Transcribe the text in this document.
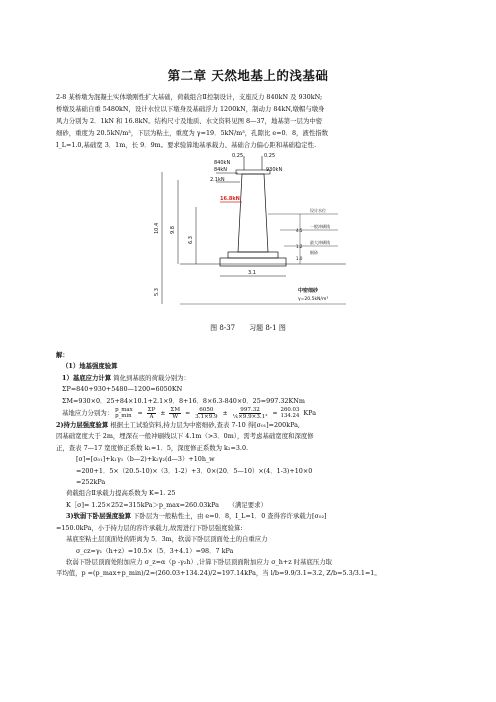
第二章 天然地基上的浅基础
2-8 某桥墩为混凝土实体墩刚性扩大基础，荷载组合Ⅱ控制设计，支座反力 840kN 及 930kN;
桥墩及基础自重 5480kN，设计水位以下墩身及基础浮力 1200kN，制动力 84kN,墩帽与墩身
风力分别为 2．1kN 和 16.8kN。结构尺寸及地质、水文资料见图 8—37，地基第一层为中密
细砂，重度为 20.5kN/m³，下层为粘土，重度为 γ=19．5kN/m³，孔隙比 e=0．8，液性指数
I_L=1.0,基础宽 3．1m，长 9．9m。要求验算地基承载力、基础合力偏心距和基础稳定性.
10.4 9.8
6.3
5.3
0.25	0.25
840kN
930kN
84kN
2.1kN
16.8kN
设计水位
一般冲刷线
最大冲刷线
细砂
4.5
1.2
1.0
3.1
中密细砂
γ=20.5kN/m³
图 8-37　　习题 8-1 图
解：
（1）地基强度验算
1）基底应力计算 简化到基底的荷载分别为：
ΣP=840+930+5480—1200=6050KN
ΣM=930×0．25+84×10.1+2.1×9．8+16．8×6.3-840×0．25=997.32KNm
基地应力分别为： p_max
p_min = $\frac{\Sigma P}{A} \pm \frac{\Sigma M}{W} = \frac{6050}{3.1\times 9.9} \pm \frac{997.32}{\text{⅙×9.9×3.1²}} = 260.03$
134.24 KPa
2)持力层强度验算 根据土工试验资料,持力层为中密细砂,查表 7-10 得[σ₀₁]=200kPa,
因基础宽度大于 2m，埋深在一般冲刷线以下 4.1m（>3．0m），需考虑基础宽度和深度修
正，查表 7—17 宽度修正系数 k₁=1．5，深度修正系数为 k₂=3.0.
[σ]=[σ₀₁]+k₁γ₁（b—2)+k₂γ₂(d—3）+10h_w
=200+1．5×（20.5-10)×（3．1-2）+3．0×(20．5—10）×(4．1-3)+10×0
=252kPa
荷载组合Ⅱ承载力提高系数为 K=1. 25
K［σ]= 1.25×252=315kPa＞p_max=260.03kPa　　（满足要求）
3)软弱下卧层强度验算 下卧层为一般粘性土，由 e=0．8，I_L=1．0 查得容许承载力[σ₀₂]
=150.0kPa，小于持力层的容许承载力,故需进行下卧层强度验算:
基底至粘土层顶面处的距离为 5．3m，软弱下卧层顶面处土的自重应力
σ_cz=γ₁（h+z）=10.5×（5．3+4.1）=98．7 kPa
软弱下卧层顶面处附加应力 σ_z=α（p -γ₂h）,计算下卧层顶面附加应力 σ_h+z 时基底压力取
平均值，p =(p_max+p_min)/2=(260.03+134.24)/2=197.14kPa，当 l/b=9.9/3.1=3.2, Z/b=5.3/3.1=1。
